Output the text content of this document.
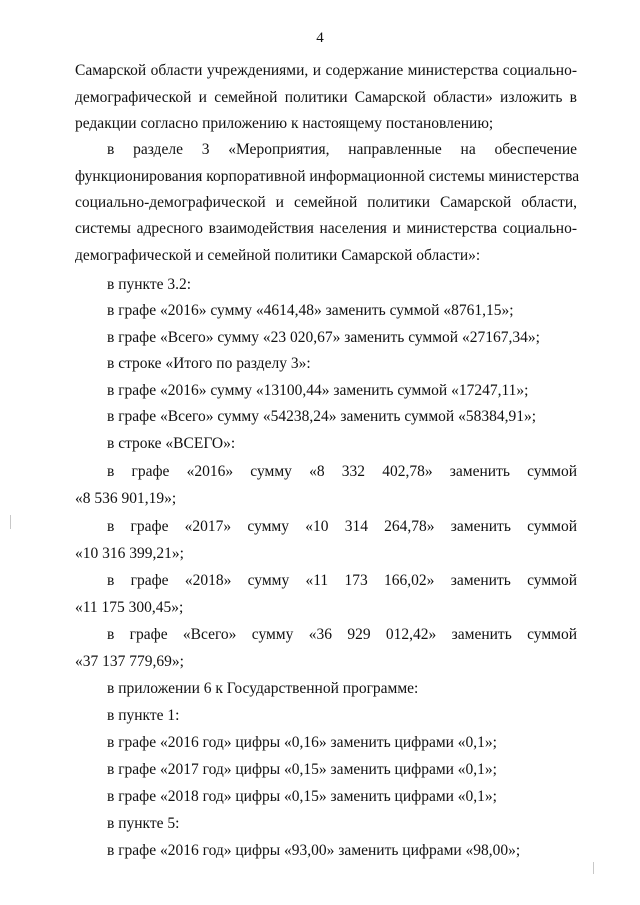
4
Самарской области учреждениями, и содержание министерства социально-
демографической и семейной политики Самарской области» изложить в
редакции согласно приложению к настоящему постановлению;
в разделе 3 «Мероприятия, направленные на обеспечение
функционирования корпоративной информационной системы министерства
социально-демографической и семейной политики Самарской области,
системы адресного взаимодействия населения и министерства социально-
демографической и семейной политики Самарской области»:
в пункте 3.2:
в графе «2016» сумму «4614,48» заменить суммой «8761,15»;
в графе «Всего» сумму «23 020,67» заменить суммой «27167,34»;
в строке «Итого по разделу 3»:
в графе «2016» сумму «13100,44» заменить суммой «17247,11»;
в графе «Всего» сумму «54238,24» заменить суммой «58384,91»;
в строке «ВСЕГО»:
в графе «2016» сумму «8 332 402,78» заменить суммой
«8 536 901,19»;
в графе «2017» сумму «10 314 264,78» заменить суммой
«10 316 399,21»;
в графе «2018» сумму «11 173 166,02» заменить суммой
«11 175 300,45»;
в графе «Всего» сумму «36 929 012,42» заменить суммой
«37 137 779,69»;
в приложении 6 к Государственной программе:
в пункте 1:
в графе «2016 год» цифры «0,16» заменить цифрами «0,1»;
в графе «2017 год» цифры «0,15» заменить цифрами «0,1»;
в графе «2018 год» цифры «0,15» заменить цифрами «0,1»;
в пункте 5:
в графе «2016 год» цифры «93,00» заменить цифрами «98,00»;
